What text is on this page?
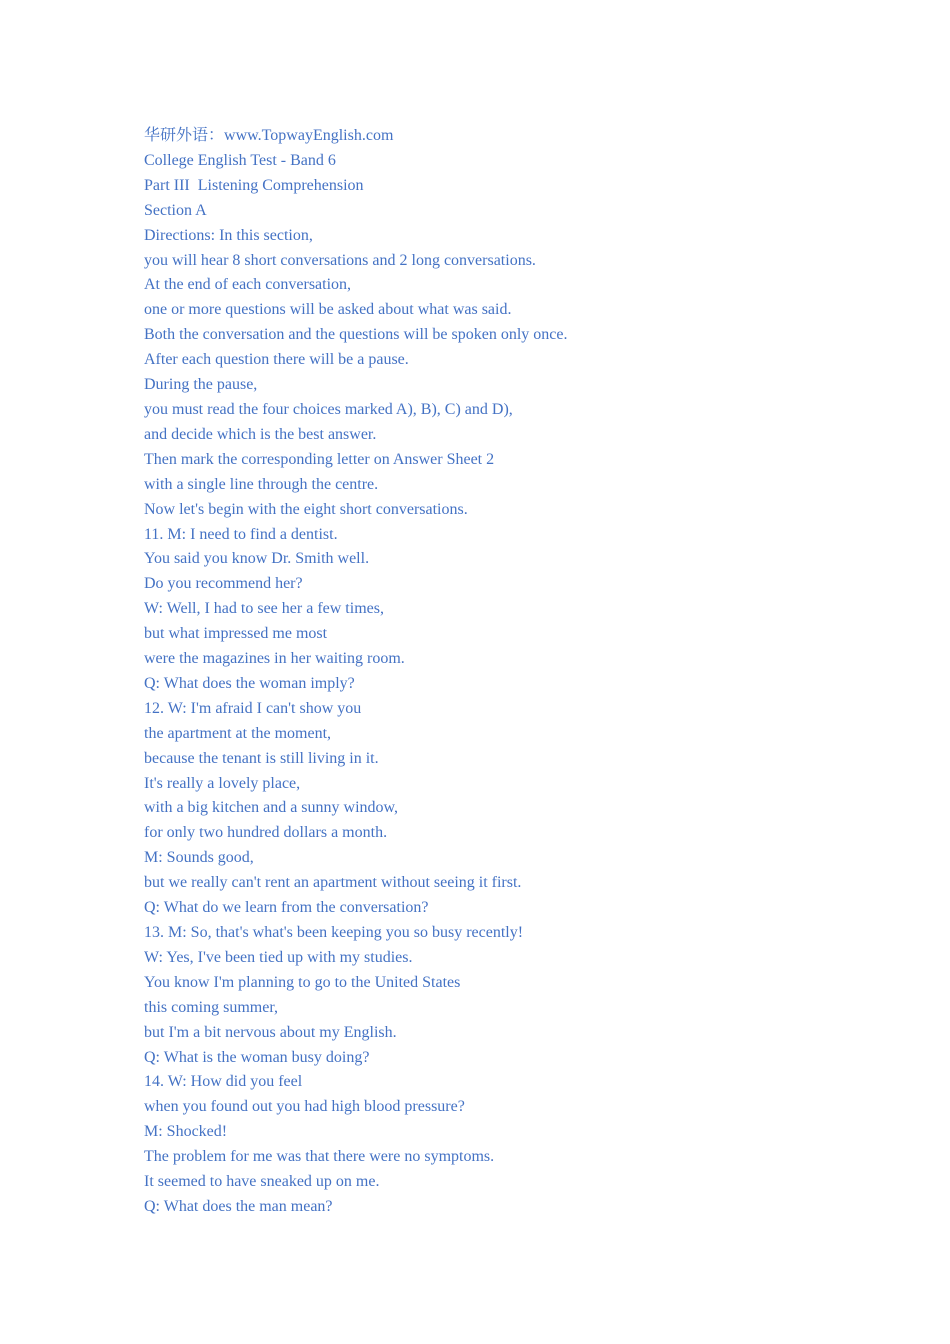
华研外语：www.TopwayEnglish.com

College English Test - Band 6

Part III  Listening Comprehension

Section A

Directions: In this section,

you will hear 8 short conversations and 2 long conversations.

At the end of each conversation,

one or more questions will be asked about what was said.

Both the conversation and the questions will be spoken only once.

After each question there will be a pause.

During the pause,

you must read the four choices marked A), B), C) and D),

and decide which is the best answer.

Then mark the corresponding letter on Answer Sheet 2

with a single line through the centre.

Now let's begin with the eight short conversations.

11. M: I need to find a dentist.

You said you know Dr. Smith well.

Do you recommend her?

W: Well, I had to see her a few times,

but what impressed me most

were the magazines in her waiting room.

Q: What does the woman imply?

12. W: I'm afraid I can't show you

the apartment at the moment,

because the tenant is still living in it.

It's really a lovely place,

with a big kitchen and a sunny window,

for only two hundred dollars a month.

M: Sounds good,

but we really can't rent an apartment without seeing it first.

Q: What do we learn from the conversation?

13. M: So, that's what's been keeping you so busy recently!

W: Yes, I've been tied up with my studies.

You know I'm planning to go to the United States

this coming summer,

but I'm a bit nervous about my English.

Q: What is the woman busy doing?

14. W: How did you feel

when you found out you had high blood pressure?

M: Shocked!

The problem for me was that there were no symptoms.

It seemed to have sneaked up on me.

Q: What does the man mean?
